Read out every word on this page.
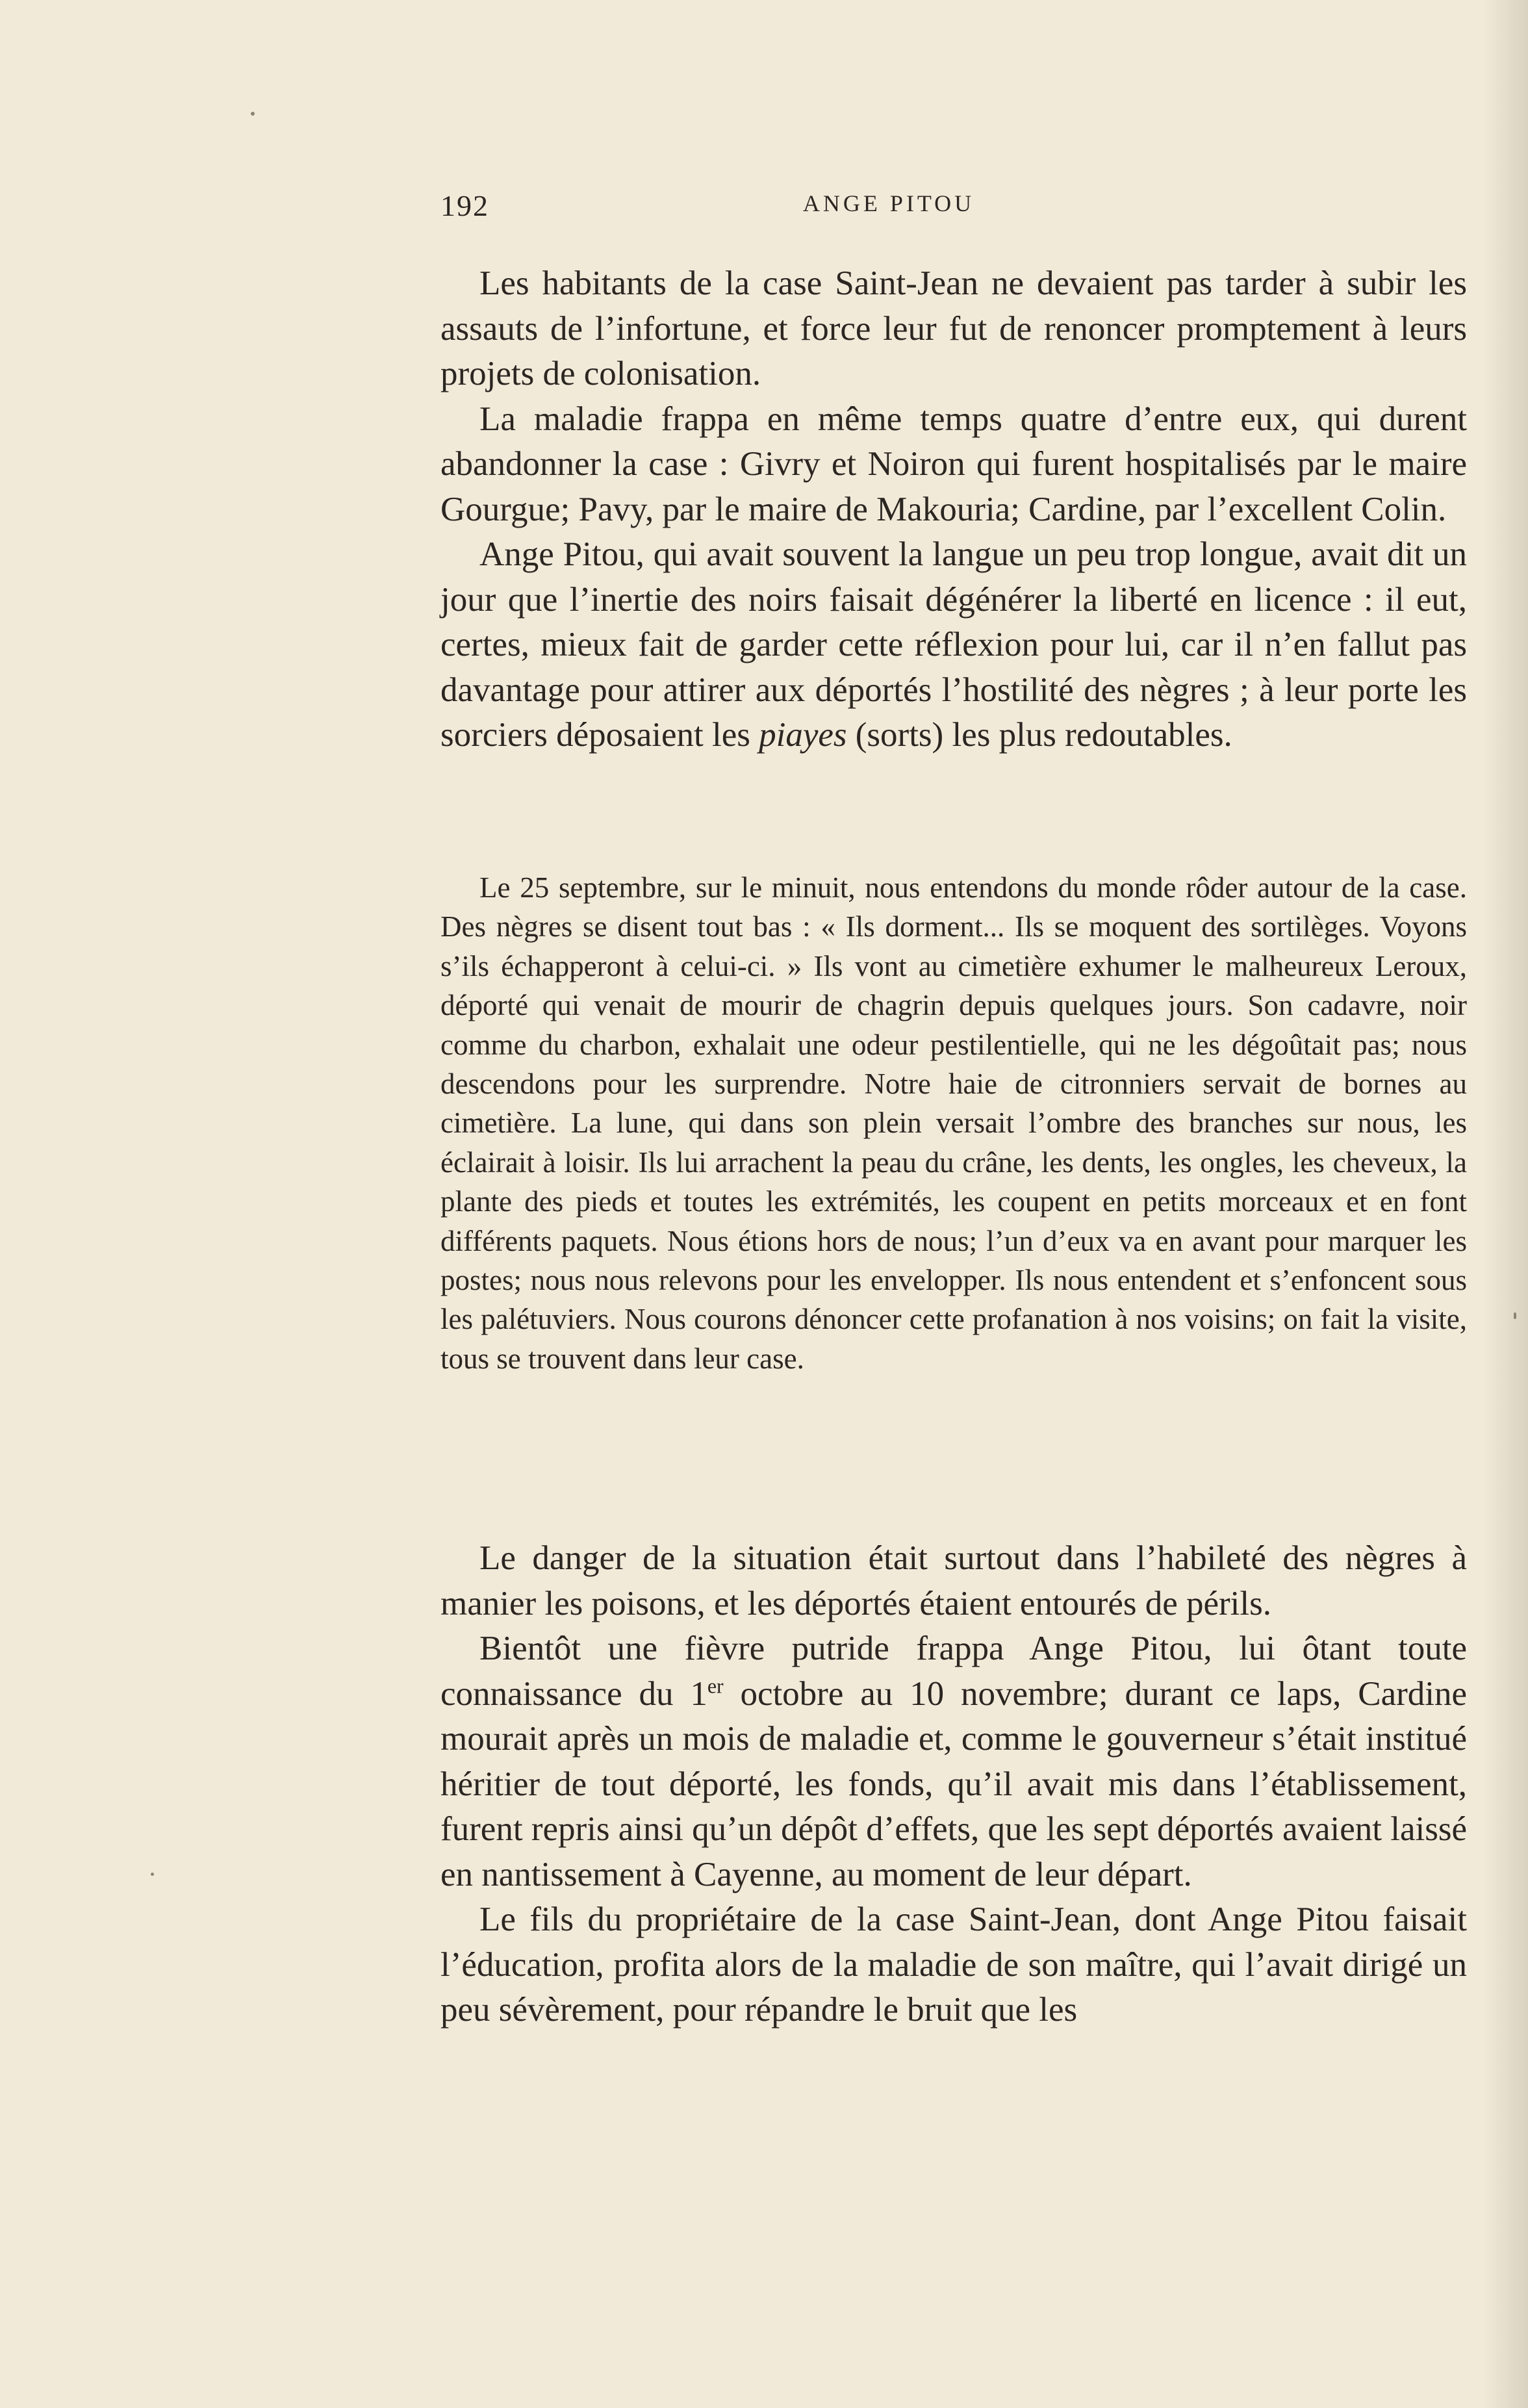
192	ANGE PITOU

Les habitants de la case Saint-Jean ne devaient pas tarder à subir les assauts de l’infortune, et force leur fut de renoncer promptement à leurs projets de colonisation.

La maladie frappa en même temps quatre d’entre eux, qui durent abandonner la case : Givry et Noiron qui furent hospitalisés par le maire Gourgue; Pavy, par le maire de Makouria; Cardine, par l’excellent Colin.

Ange Pitou, qui avait souvent la langue un peu trop longue, avait dit un jour que l’inertie des noirs faisait dégénérer la liberté en licence : il eut, certes, mieux fait de garder cette réflexion pour lui, car il n’en fallut pas davantage pour attirer aux déportés l’hostilité des nègres ; à leur porte les sorciers déposaient les piayes (sorts) les plus redoutables.

Le 25 septembre, sur le minuit, nous entendons du monde rôder autour de la case. Des nègres se disent tout bas : « Ils dorment... Ils se moquent des sortilèges. Voyons s’ils échapperont à celui-ci. » Ils vont au cimetière exhumer le malheureux Leroux, déporté qui venait de mourir de chagrin depuis quelques jours. Son cadavre, noir comme du charbon, exhalait une odeur pestilentielle, qui ne les dégoûtait pas; nous descendons pour les surprendre. Notre haie de citronniers servait de bornes au cimetière. La lune, qui dans son plein versait l’ombre des branches sur nous, les éclairait à loisir. Ils lui arrachent la peau du crâne, les dents, les ongles, les cheveux, la plante des pieds et toutes les extrémités, les coupent en petits morceaux et en font différents paquets. Nous étions hors de nous; l’un d’eux va en avant pour marquer les postes; nous nous relevons pour les envelopper. Ils nous entendent et s’enfoncent sous les palétuviers. Nous courons dénoncer cette profanation à nos voisins; on fait la visite, tous se trouvent dans leur case.

Le danger de la situation était surtout dans l’habileté des nègres à manier les poisons, et les déportés étaient entourés de périls.

Bientôt une fièvre putride frappa Ange Pitou, lui ôtant toute connaissance du 1er octobre au 10 novembre; durant ce laps, Cardine mourait après un mois de maladie et, comme le gouverneur s’était institué héritier de tout déporté, les fonds, qu’il avait mis dans l’établissement, furent repris ainsi qu’un dépôt d’effets, que les sept déportés avaient laissé en nantissement à Cayenne, au moment de leur départ.

Le fils du propriétaire de la case Saint-Jean, dont Ange Pitou faisait l’éducation, profita alors de la maladie de son maître, qui l’avait dirigé un peu sévèrement, pour répandre le bruit que les
